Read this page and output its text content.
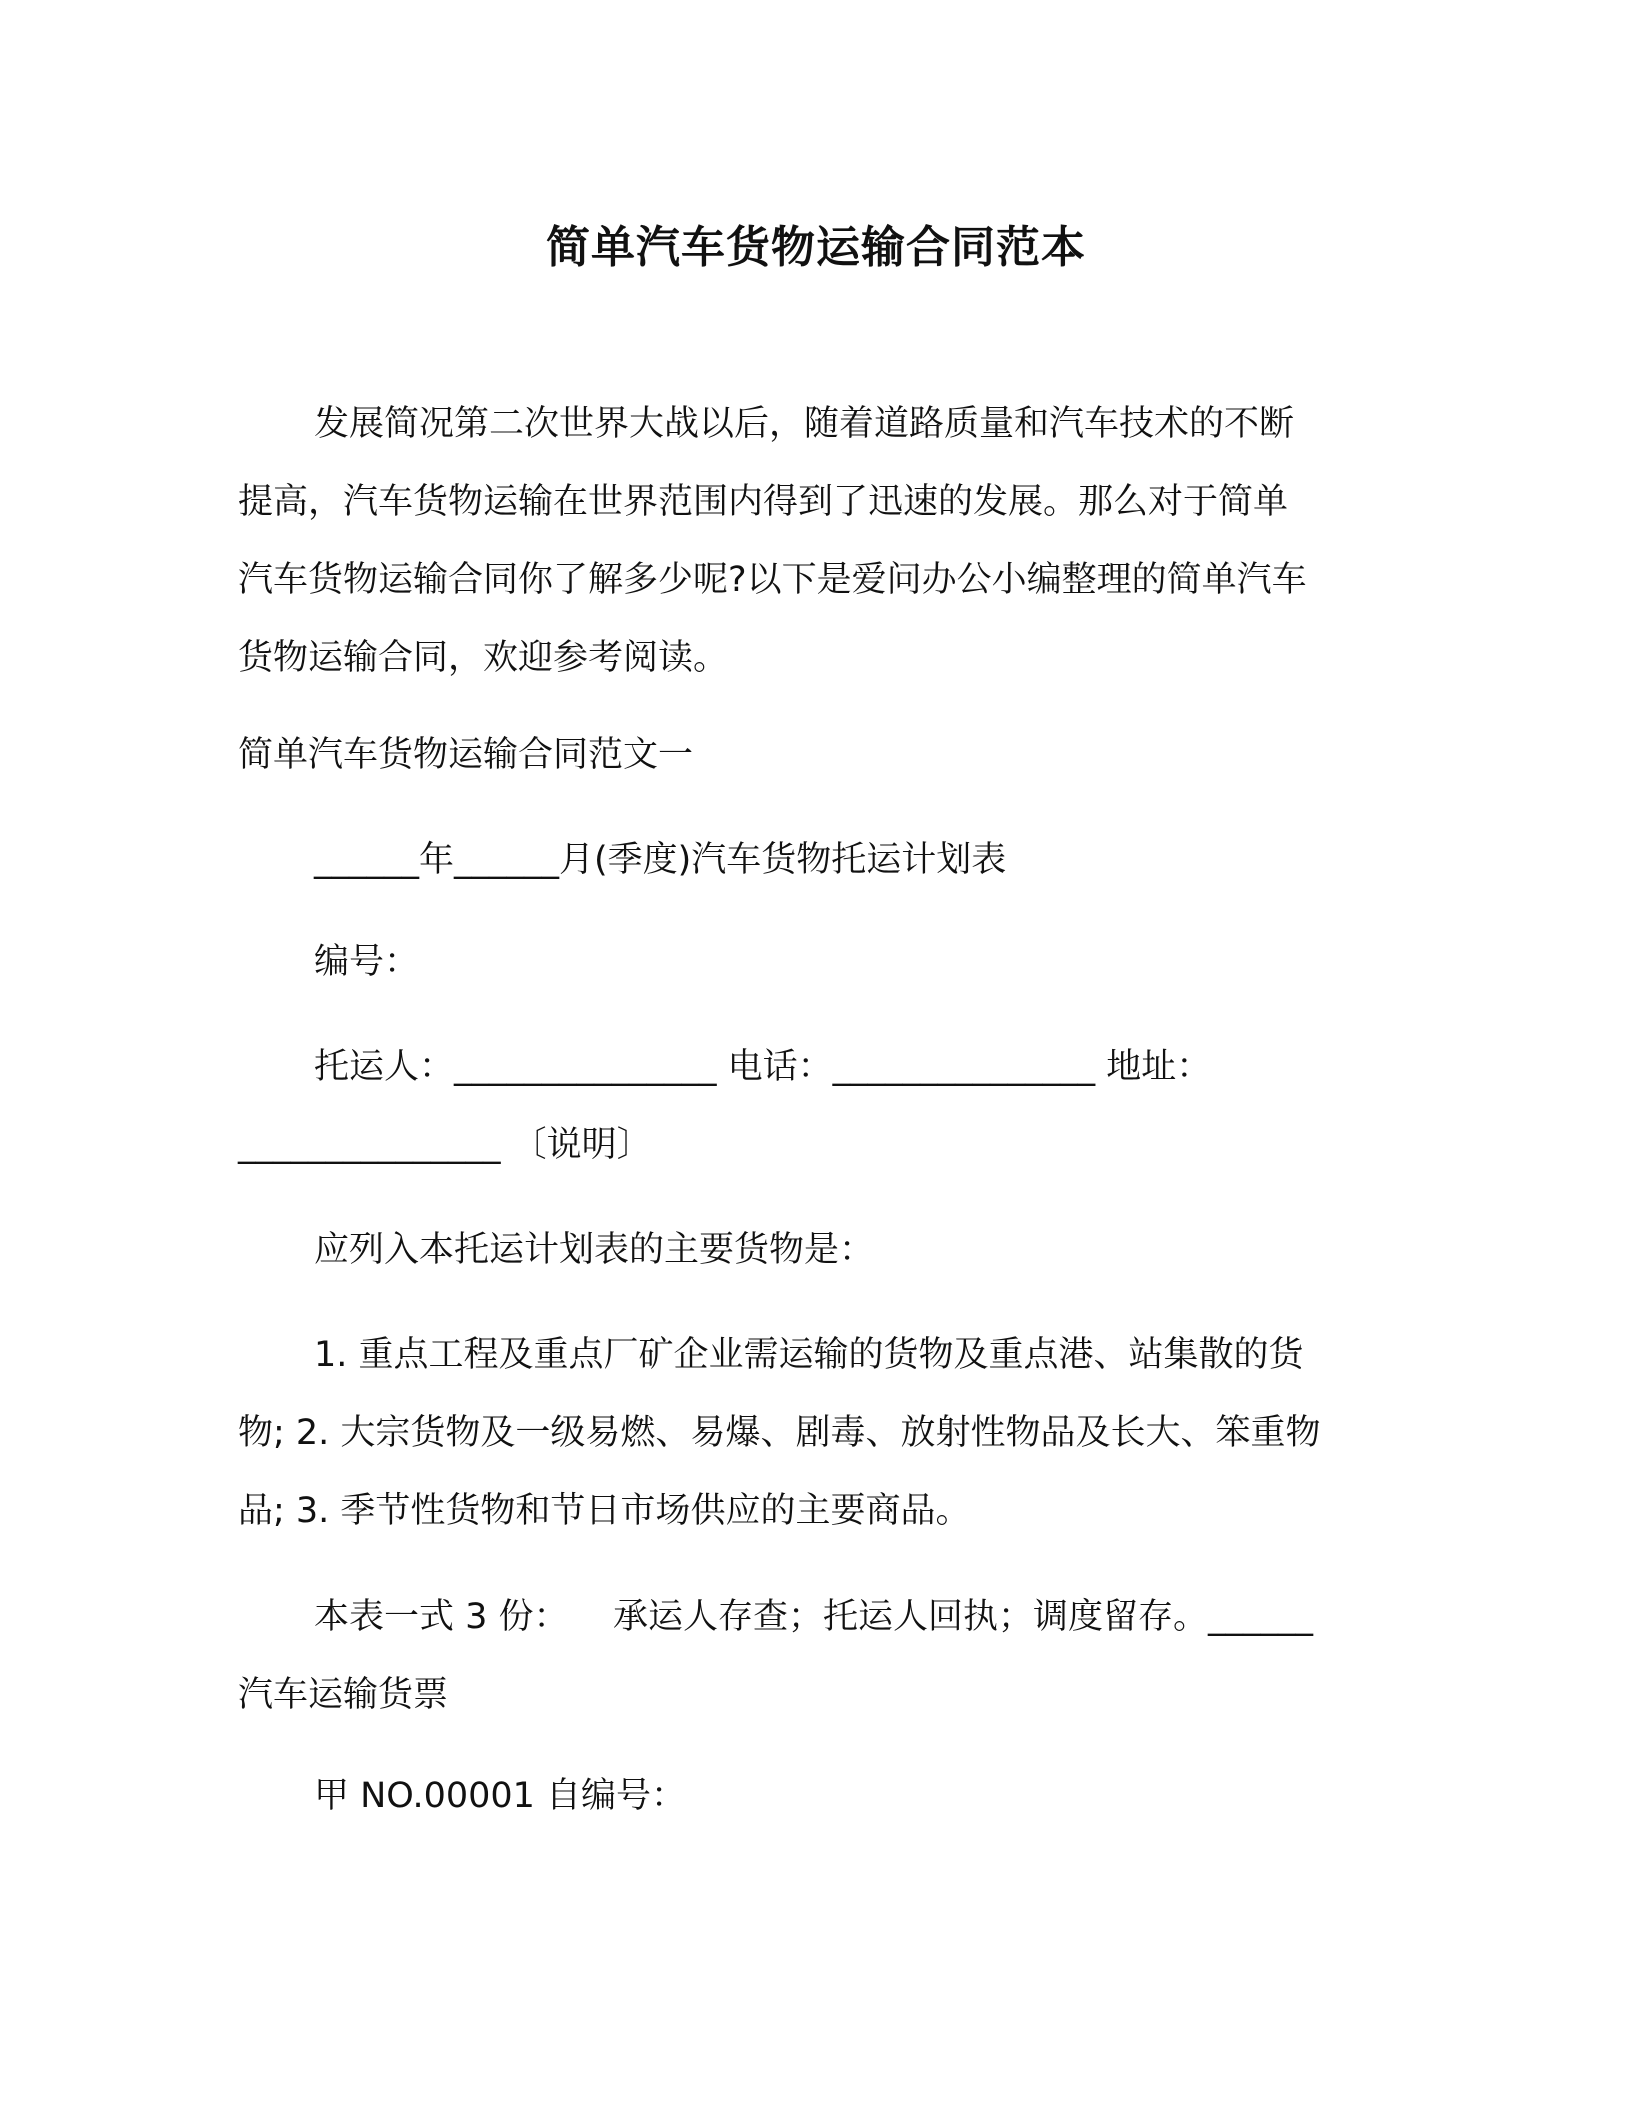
简单汽车货物运输合同范本
发展简况第二次世界大战以后，随着道路质量和汽车技术的不断
提高，汽车货物运输在世界范围内得到了迅速的发展。那么对于简单
汽车货物运输合同你了解多少呢?以下是爱问办公小编整理的简单汽车
货物运输合同，欢迎参考阅读。
简单汽车货物运输合同范文一
______年______月(季度)汽车货物托运计划表
编号：
托运人：_______________ 电话：_______________ 地址：
_______________ 〔说明〕
应列入本托运计划表的主要货物是：
1. 重点工程及重点厂矿企业需运输的货物及重点港、站集散的货
物; 2. 大宗货物及一级易燃、易爆、剧毒、放射性物品及长大、笨重物
品; 3. 季节性货物和节日市场供应的主要商品。
本表一式 3 份：    承运人存查；托运人回执；调度留存。______
汽车运输货票
甲 NO.00001 自编号：
